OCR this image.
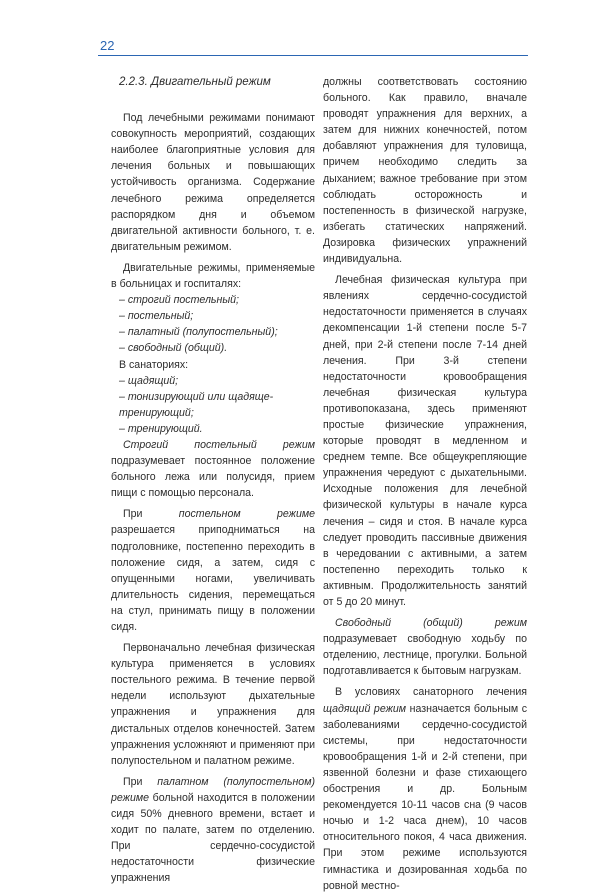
22

2.2.3. Двигательный режим

Под лечебными режимами понимают совокупность мероприятий, создающих наиболее благоприятные условия для лечения больных и повышающих устойчивость организма. Содержание лечебного режима определяется распорядком дня и объемом двигательной активности больного, т. е. двигательным режимом.

Двигательные режимы, применяемые в больницах и госпиталях:

– строгий постельный;

– постельный;

– палатный (полупостельный);

– свободный (общий).

В санаториях:

– щадящий;

– тонизирующий или щадяще-тренирующий;

– тренирующий.

Строгий постельный режим подразумевает постоянное положение больного лежа или полусидя, прием пищи с помощью персонала.

При постельном режиме разрешается приподниматься на подголовнике, постепенно переходить в положение сидя, а затем, сидя с опущенными ногами, увеличивать длительность сидения, перемещаться на стул, принимать пищу в положении сидя.

Первоначально лечебная физическая культура применяется в условиях постельного режима. В течение первой недели используют дыхательные упражнения и упражнения для дистальных отделов конечностей. Затем упражнения усложняют и применяют при полупостельном и палатном режиме.

При палатном (полупостельном) режиме больной находится в положении сидя 50% дневного времени, встает и ходит по палате, затем по отделению. При сердечно-сосудистой недостаточности физические упражнения

должны соответствовать состоянию больного. Как правило, вначале проводят упражнения для верхних, а затем для нижних конечностей, потом добавляют упражнения для туловища, причем необходимо следить за дыханием; важное требование при этом соблюдать осторожность и постепенность в физической нагрузке, избегать статических напряжений. Дозировка физических упражнений индивидуальна.

Лечебная физическая культура при явлениях сердечно-сосудистой недостаточности применяется в случаях декомпенсации 1-й степени после 5-7 дней, при 2-й степени после 7-14 дней лечения. При 3-й степени недостаточности кровообращения лечебная физическая культура противопоказана, здесь применяют простые физические упражнения, которые проводят в медленном и среднем темпе. Все общеукрепляющие упражнения чередуют с дыхательными. Исходные положения для лечебной физической культуры в начале курса лечения – сидя и стоя. В начале курса следует проводить пассивные движения в чередовании с активными, а затем постепенно переходить только к активным. Продолжительность занятий от 5 до 20 минут.

Свободный (общий) режим подразумевает свободную ходьбу по отделению, лестнице, прогулки. Больной подготавливается к бытовым нагрузкам.

В условиях санаторного лечения щадящий режим назначается больным с заболеваниями сердечно-сосудистой системы, при недостаточности кровообращения 1-й и 2-й степени, при язвенной болезни и фазе стихающего обострения и др. Больным рекомендуется 10-11 часов сна (9 часов ночью и 1-2 часа днем), 10 часов относительного покоя, 4 часа движения. При этом режиме используются гимнастика и дозированная ходьба по ровной местно-
